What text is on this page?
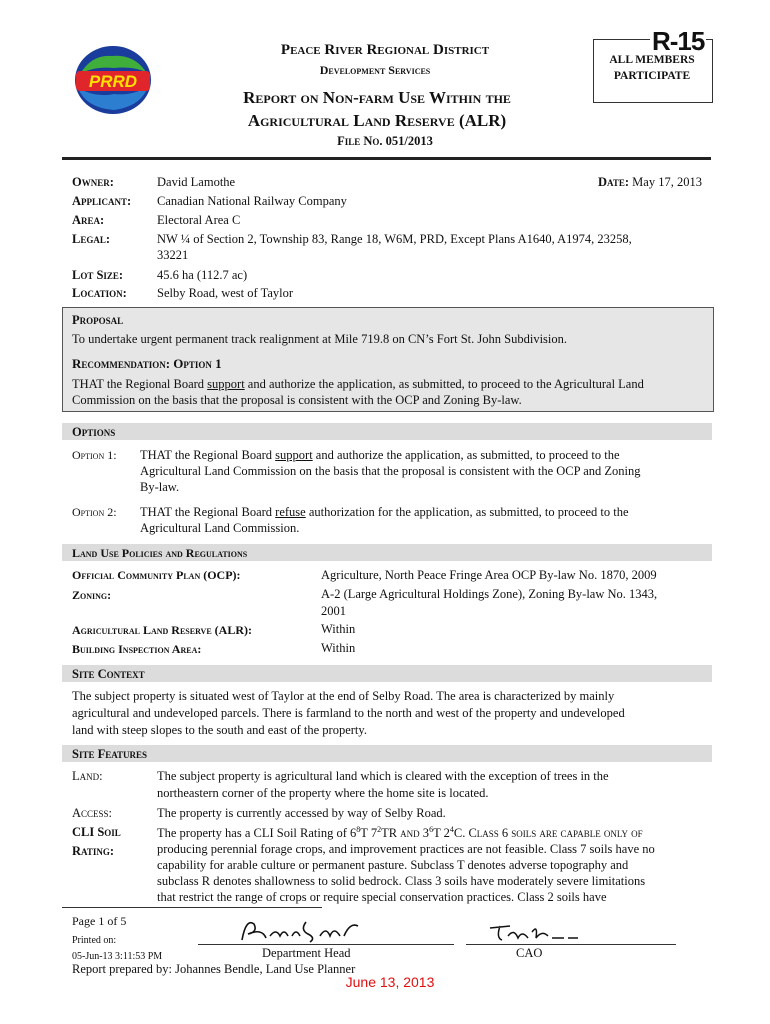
PRRD
Peace River Regional District
Development Services
Report on Non-farm Use Within the
Agricultural Land Reserve (ALR)
File No. 051/2013
R-15
ALL MEMBERS
PARTICIPATE
Owner:	David Lamothe	Date: May 17, 2013
Applicant: Canadian National Railway Company
Area:	Electoral Area C
Legal:	NW ¼ of Section 2, Township 83, Range 18, W6M, PRD, Except Plans A1640, A1974, 23258,
33221
Lot Size:	45.6 ha (112.7 ac)
Location: Selby Road, west of Taylor
Proposal
To undertake urgent permanent track realignment at Mile 719.8 on CN’s Fort St. John Subdivision.
Recommendation: Option 1
THAT the Regional Board support and authorize the application, as submitted, to proceed to the Agricultural Land
Commission on the basis that the proposal is consistent with the OCP and Zoning By-law.
Options
Option 1: THAT the Regional Board support and authorize the application, as submitted, to proceed to the
Agricultural Land Commission on the basis that the proposal is consistent with the OCP and Zoning
By-law.
Option 2: THAT the Regional Board refuse authorization for the application, as submitted, to proceed to the
Agricultural Land Commission.
Land Use Policies and Regulations
Official Community Plan (OCP):	Agriculture, North Peace Fringe Area OCP By-law No. 1870, 2009
Zoning:	A-2 (Large Agricultural Holdings Zone), Zoning By-law No. 1343,
2001
Agricultural Land Reserve (ALR):	Within
Building Inspection Area:	Within
Site Context
The subject property is situated west of Taylor at the end of Selby Road. The area is characterized by mainly
agricultural and undeveloped parcels. There is farmland to the north and west of the property and undeveloped
land with steep slopes to the south and east of the property.
Site Features
Land:	The subject property is agricultural land which is cleared with the exception of trees in the
northeastern corner of the property where the home site is located.
Access:	The property is currently accessed by way of Selby Road.
CLI Soil
Rating:
The property has a CLI Soil Rating of $6^8T$ $7^2TR$ and $3^6T$ $2^4C$. Class 6 soils are capable only of
producing perennial forage crops, and improvement practices are not feasible. Class 7 soils have no
capability for arable culture or permanent pasture. Subclass T denotes adverse topography and
subclass R denotes shallowness to solid bedrock. Class 3 soils have moderately severe limitations
that restrict the range of crops or require special conservation practices. Class 2 soils have
Page 1 of 5
Printed on:
05-Jun-13 3:11:53 PM
Bruce Simard
Department Head	CAO
Report prepared by: Johannes Bendle, Land Use Planner
June 13, 2013
